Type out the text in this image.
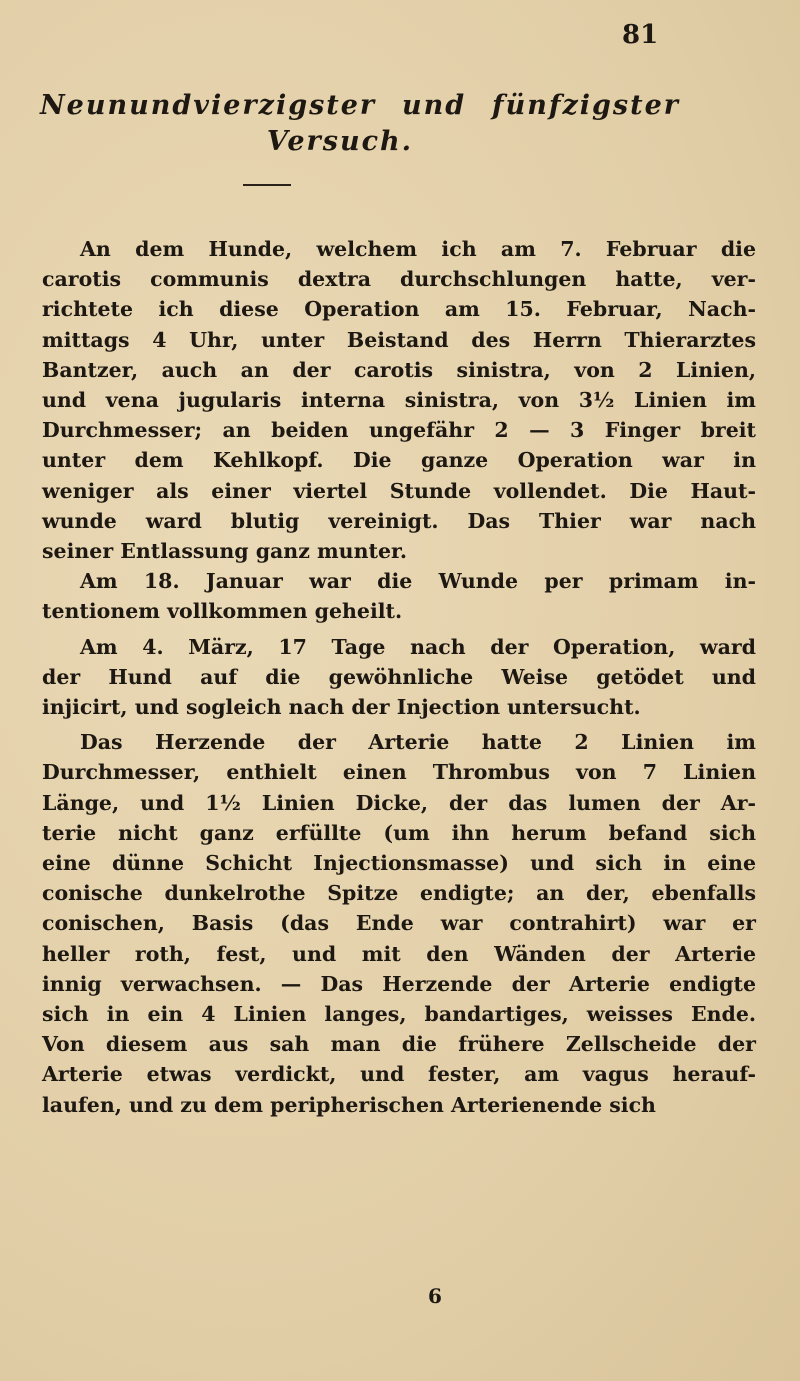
81
Neunundvierzigster und fünfzigster
Versuch.
An dem Hunde, welchem ich am 7. Februar die
carotis communis dextra durchschlungen hatte, ver-
richtete ich diese Operation am 15. Februar, Nach-
mittags 4 Uhr, unter Beistand des Herrn Thierarztes
Bantzer, auch an der carotis sinistra, von 2 Linien,
und vena jugularis interna sinistra, von 3½ Linien im
Durchmesser; an beiden ungefähr 2 — 3 Finger breit
unter dem Kehlkopf. Die ganze Operation war in
weniger als einer viertel Stunde vollendet. Die Haut-
wunde ward blutig vereinigt. Das Thier war nach
seiner Entlassung ganz munter.
Am 18. Januar war die Wunde per primam in-
tentionem vollkommen geheilt.
Am 4. März, 17 Tage nach der Operation, ward
der Hund auf die gewöhnliche Weise getödet und
injicirt, und sogleich nach der Injection untersucht.
Das Herzende der Arterie hatte 2 Linien im
Durchmesser, enthielt einen Thrombus von 7 Linien
Länge, und 1½ Linien Dicke, der das lumen der Ar-
terie nicht ganz erfüllte (um ihn herum befand sich
eine dünne Schicht Injectionsmasse) und sich in eine
conische dunkelrothe Spitze endigte; an der, ebenfalls
conischen, Basis (das Ende war contrahirt) war er
heller roth, fest, und mit den Wänden der Arterie
innig verwachsen. — Das Herzende der Arterie endigte
sich in ein 4 Linien langes, bandartiges, weisses Ende.
Von diesem aus sah man die frühere Zellscheide der
Arterie etwas verdickt, und fester, am vagus herauf-
laufen, und zu dem peripherischen Arterienende sich
6
